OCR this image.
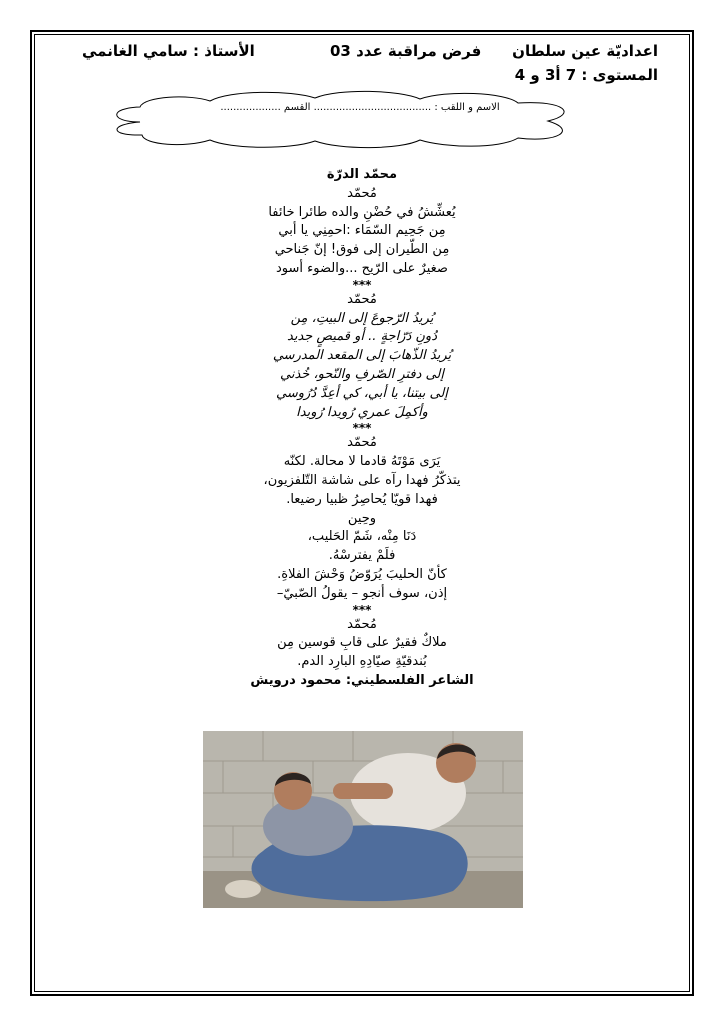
اعداديّة عين سلطان
فرض مراقبة عدد 03
الأستاذ : سامي الغانمي
المستوى : 7 أ3 و 4
الاسم و اللقب : ..................................... القسم ...................
محمّد الدرّة
مُحمّد
يُعشِّشُ في حُضْنِ والده طائرا خائفا
مِن جَحِيم السّمَاء :احمِنِي يا أبي
مِن الطّيران إلى فوق! إنّ جَناحي
صغيرٌ على الرّيح ...والضوء أسود
***
مُحمّد
يُريدُ الرّجوعَ إلى البيتِ، مِن
دُونِ دَرّاجةٍ .. أو قميصٍ جديد
يُريدُ الذّهابَ إلى المقعد المدرسي
إلى دفترِ الصّرفِ والنّحو، خُذني
إلى بيتنا، يا أبي، كي أعِدَّ دُرُوسي
وأكمِلَ عمري رُويدا رُويدا
***
مُحمّد
يَرَى مَوْتَهُ قادما لا محالة. لكنّه
يتذكّرُ فهدا رآه على شاشة التّلفزيون،
فهدا قويّا يُحاصِرُ ظبيا رضيعا.
وحِين
دَنَا مِنْه، شَمّ الحَليب،
فلَمْ يفترسْهُ.
كأنّ الحليبَ يُرَوّضُ وَحْشَ الفلاةِ.
إذن، سوف أنجو – يقولُ الصّبيّ–
***
مُحمّد
ملاكٌ فقيرٌ على قابِ قوسين مِن
بُندقيّةِ صيّادِهِ البارِد الدم.
الشاعر الفلسطيني: محمود درويش
